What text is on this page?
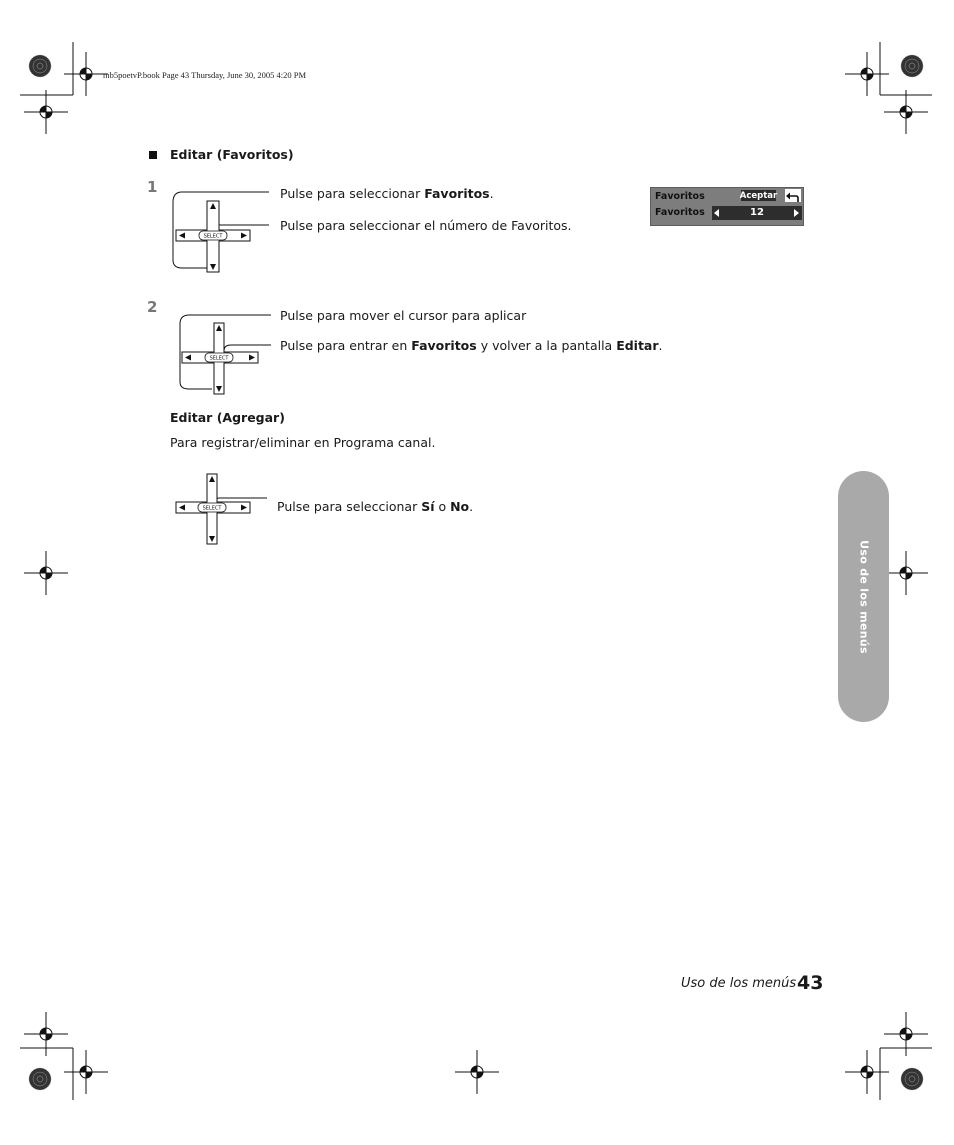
mb5poetvP.book Page 43 Thursday, June 30, 2005 4:20 PM
Editar (Favoritos)
1
SELECT
Pulse para seleccionar Favoritos.
Pulse para seleccionar el número de Favoritos.
Favoritos	Aceptar
Favoritos	12
2
SELECT
Pulse para mover el cursor para aplicar
Pulse para entrar en Favoritos y volver a la pantalla Editar.
Editar (Agregar)
Para registrar/eliminar en Programa canal.
SELECT	Pulse para seleccionar Sí o No.
Uso de los menús
Uso de los menús 43
